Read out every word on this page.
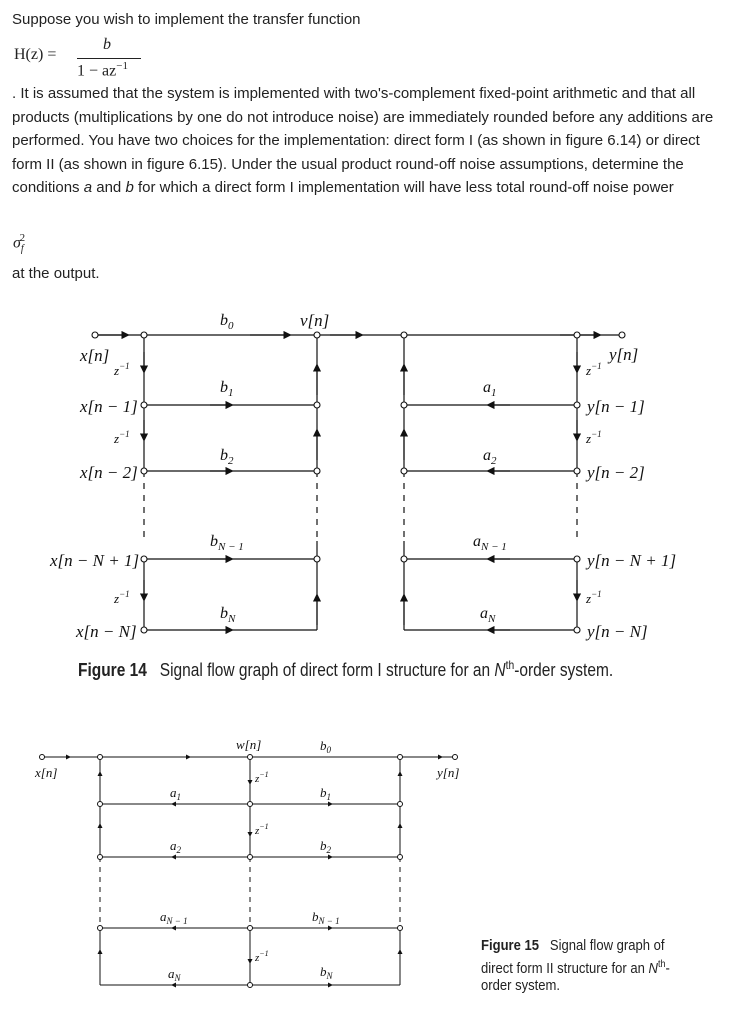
Suppose you wish to implement the transfer function

H(z) =
b
$1 - az^{-1}$

. It is assumed that the system is implemented with two's-complement fixed-point arithmetic and that all products (multiplications by one do not introduce noise) are immediately rounded before any additions are performed. You have two choices for the implementation: direct form I (as shown in figure 6.14) or direct form II (as shown in figure 6.15). Under the usual product round-off noise assumptions, determine the conditions a and b for which a direct form I implementation will have less total round-off noise power

$\sigma_f^2$

at the output.

x[n]
x[n − 1]
x[n − 2]
x[n − N + 1]
x[n − N]
v[n]
y[n]
y[n − 1]
y[n − 2]
y[n − N + 1]
y[n − N]
$b_0$
$b_1$
$b_2$
$b_{N - 1}$
$b_N$
$a_1$
$a_2$
$a_{N - 1}$
$a_N$
$z^{-1}$
$z^{-1}$
$z^{-1}$
$z^{-1}$
$z^{-1}$
$z^{-1}$
x[n]
w[n]
y[n]
$a_1$
$a_2$
$a_{N - 1}$
$a_N$
$b_0$
$b_1$
$b_2$
$b_{N - 1}$
$b_N$
$z^{-1}$
$z^{-1}$
$z^{-1}$
Figure 14 Signal flow graph of direct form I structure for an $N^{th}$-order system.
Figure 15 Signal flow graph of direct form II structure for an $N^{th}$-order system.
